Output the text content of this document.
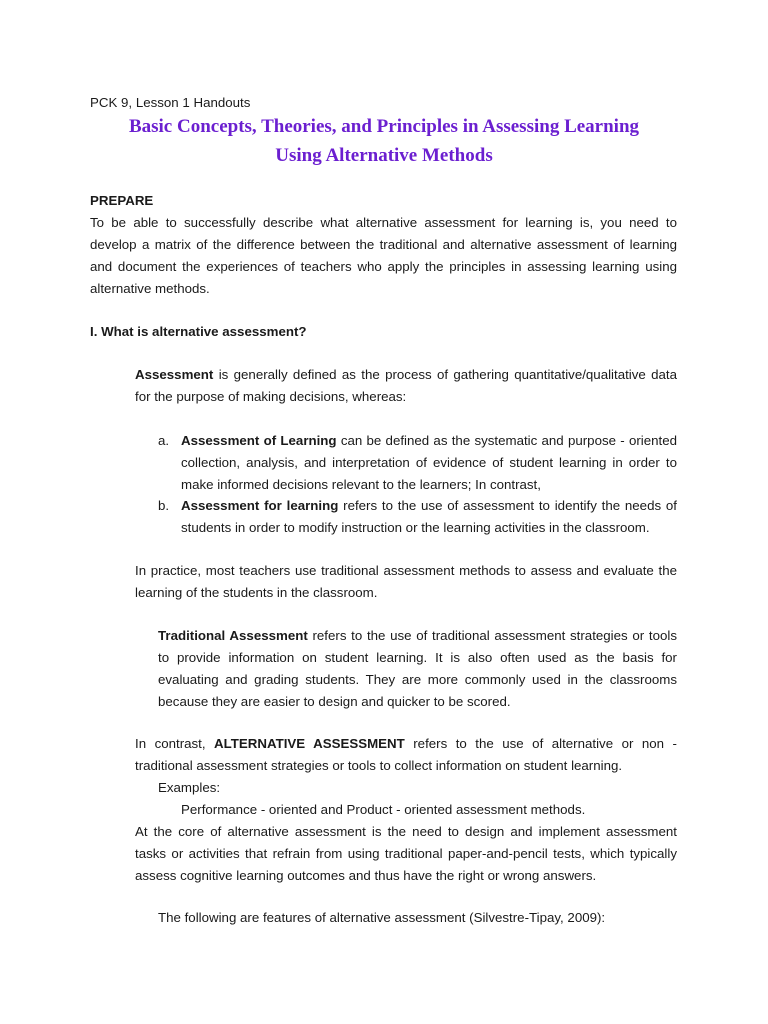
PCK 9, Lesson 1 Handouts
Basic Concepts, Theories, and Principles in Assessing Learning
Using Alternative Methods
PREPARE
To be able to successfully describe what alternative assessment for learning is, you need to develop a matrix of the difference between the traditional and alternative assessment of learning and document the experiences of teachers who apply the principles in assessing learning using alternative methods.
I. What is alternative assessment?
Assessment is generally defined as the process of gathering quantitative/qualitative data for the purpose of making decisions, whereas:
a. Assessment of Learning can be defined as the systematic and purpose - oriented collection, analysis, and interpretation of evidence of student learning in order to make informed decisions relevant to the learners; In contrast,
b. Assessment for learning refers to the use of assessment to identify the needs of students in order to modify instruction or the learning activities in the classroom.
In practice, most teachers use traditional assessment methods to assess and evaluate the learning of the students in the classroom.
Traditional Assessment refers to the use of traditional assessment strategies or tools to provide information on student learning. It is also often used as the basis for evaluating and grading students. They are more commonly used in the classrooms because they are easier to design and quicker to be scored.
In contrast, ALTERNATIVE ASSESSMENT refers to the use of alternative or non - traditional assessment strategies or tools to collect information on student learning.
Examples:
Performance - oriented and Product - oriented assessment methods.
At the core of alternative assessment is the need to design and implement assessment tasks or activities that refrain from using traditional paper-and-pencil tests, which typically assess cognitive learning outcomes and thus have the right or wrong answers.
The following are features of alternative assessment (Silvestre-Tipay, 2009):
